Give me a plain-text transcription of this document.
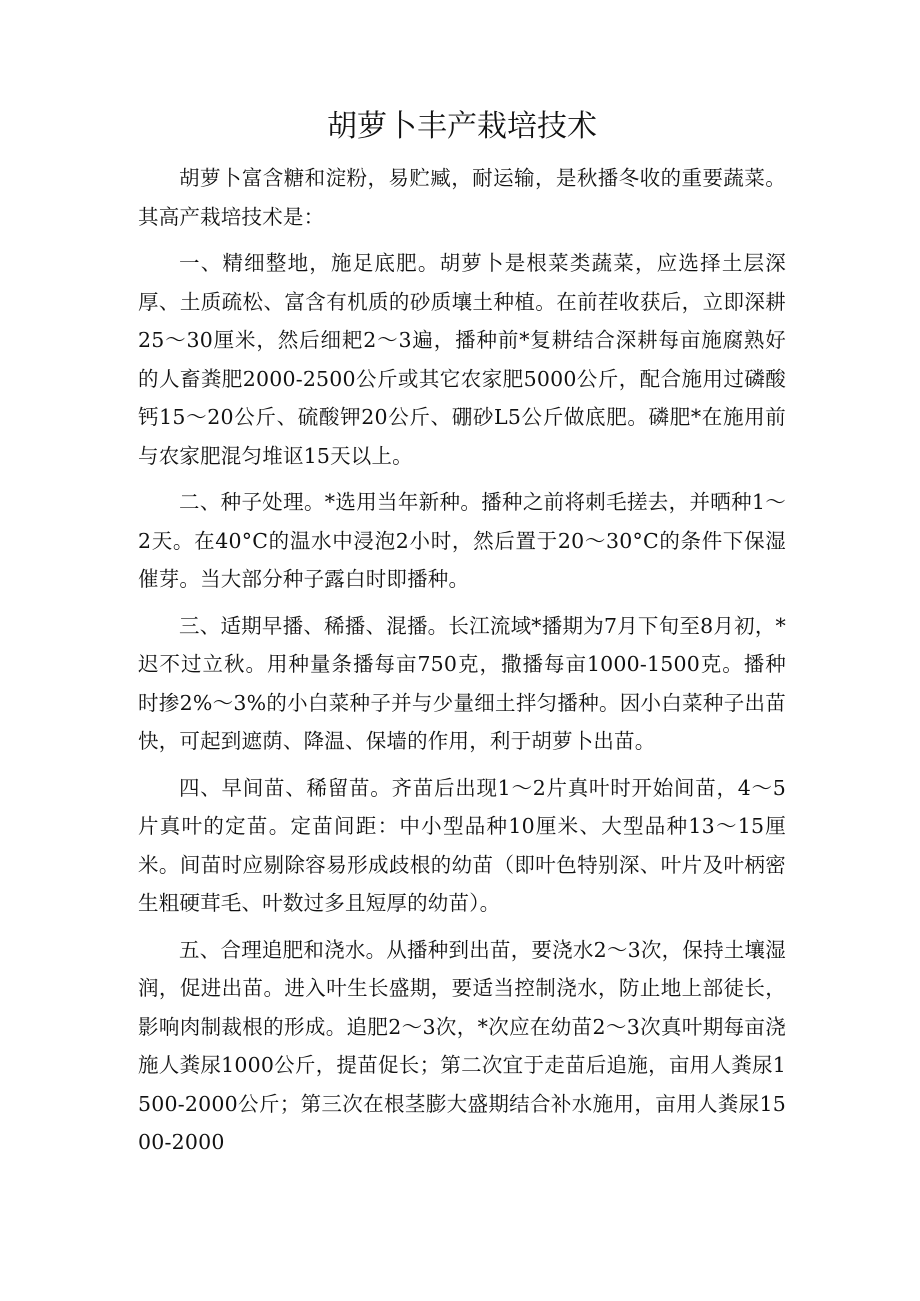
胡萝卜丰产栽培技术

胡萝卜富含糖和淀粉，易贮臧，耐运输，是秋播冬收的重要蔬菜。其高产栽培技术是：

一、精细整地，施足底肥。胡萝卜是根菜类蔬菜，应选择土层深厚、土质疏松、富含有机质的砂质壤土种植。在前茬收获后，立即深耕25～30厘米，然后细耙2～3遍，播种前*复耕结合深耕每亩施腐熟好的人畜粪肥2000-2500公斤或其它农家肥5000公斤，配合施用过磷酸钙15～20公斤、硫酸钾20公斤、硼砂L5公斤做底肥。磷肥*在施用前与农家肥混匀堆讴15天以上。

二、种子处理。*选用当年新种。播种之前将刺毛搓去，并晒种1～2天。在40°C的温水中浸泡2小时，然后置于20～30°C的条件下保湿催芽。当大部分种子露白时即播种。

三、适期早播、稀播、混播。长江流域*播期为7月下旬至8月初，*迟不过立秋。用种量条播每亩750克，撒播每亩1000-1500克。播种时掺2%～3%的小白菜种子并与少量细土拌匀播种。因小白菜种子出苗快，可起到遮荫、降温、保墙的作用，利于胡萝卜出苗。

四、早间苗、稀留苗。齐苗后出现1～2片真叶时开始间苗，4～5片真叶的定苗。定苗间距：中小型品种10厘米、大型品种13～15厘米。间苗时应剔除容易形成歧根的幼苗（即叶色特别深、叶片及叶柄密生粗硬茸毛、叶数过多且短厚的幼苗）。

五、合理追肥和浇水。从播种到出苗，要浇水2～3次，保持土壤湿润，促进出苗。进入叶生长盛期，要适当控制浇水，防止地上部徒长，影响肉制裁根的形成。追肥2～3次，*次应在幼苗2～3次真叶期每亩浇施人粪尿1000公斤，提苗促长；第二次宜于走苗后追施，亩用人粪尿1500-2000公斤；第三次在根茎膨大盛期结合补水施用，亩用人粪尿1500-2000
